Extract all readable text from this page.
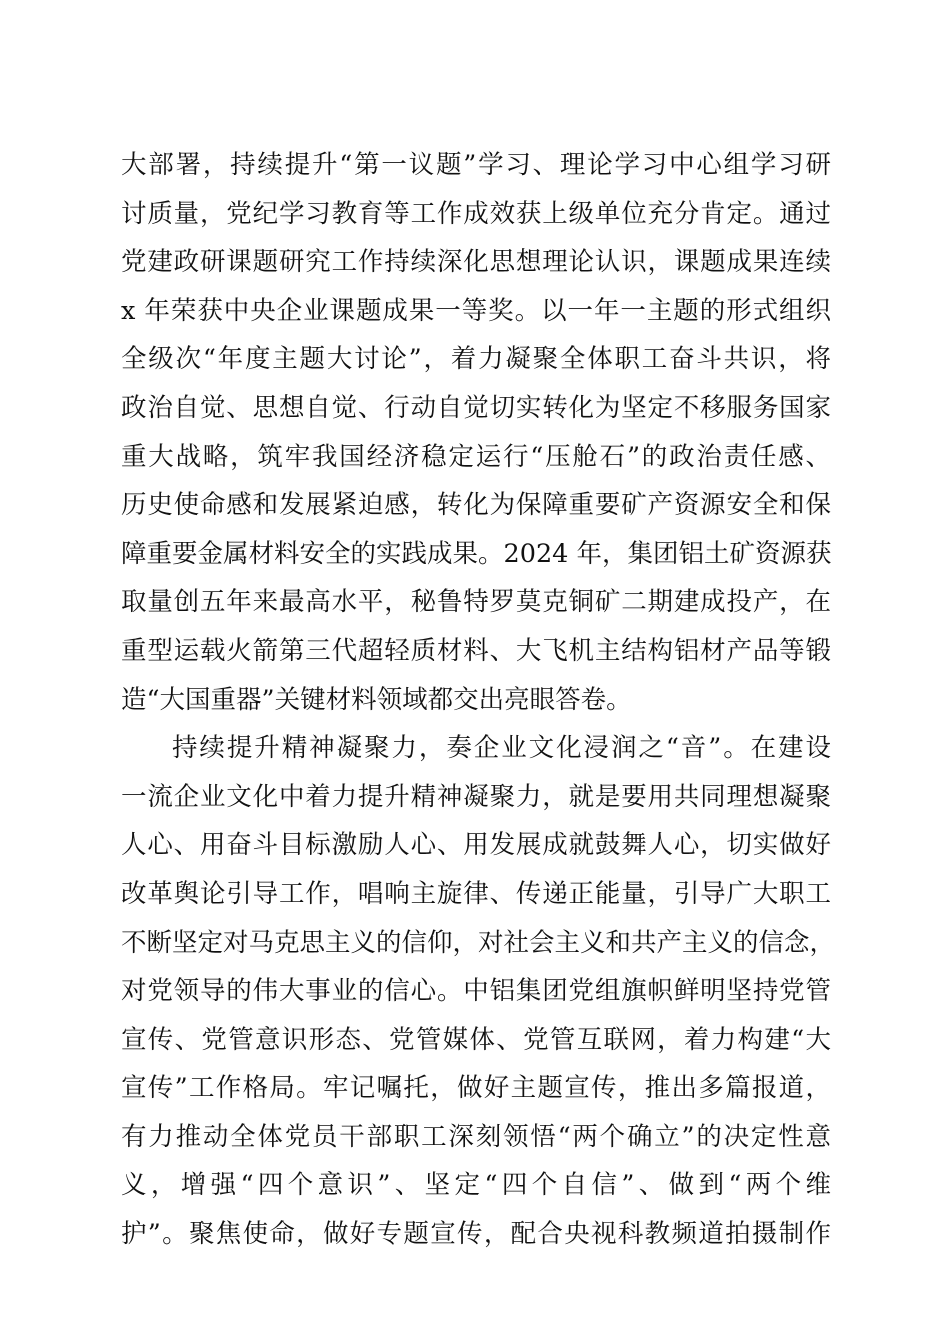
大部署，持续提升“第一议题”学习、理论学习中心组学习研
讨质量，党纪学习教育等工作成效获上级单位充分肯定。通过
党建政研课题研究工作持续深化思想理论认识，课题成果连续
x 年荣获中央企业课题成果一等奖。以一年一主题的形式组织
全级次“年度主题大讨论”，着力凝聚全体职工奋斗共识，将
政治自觉、思想自觉、行动自觉切实转化为坚定不移服务国家
重大战略，筑牢我国经济稳定运行“压舱石”的政治责任感、
历史使命感和发展紧迫感，转化为保障重要矿产资源安全和保
障重要金属材料安全的实践成果。2024 年，集团铝土矿资源获
取量创五年来最高水平，秘鲁特罗莫克铜矿二期建成投产，在
重型运载火箭第三代超轻质材料、大飞机主结构铝材产品等锻
造“大国重器”关键材料领域都交出亮眼答卷。
持续提升精神凝聚力，奏企业文化浸润之“音”。在建设
一流企业文化中着力提升精神凝聚力，就是要用共同理想凝聚
人心、用奋斗目标激励人心、用发展成就鼓舞人心，切实做好
改革舆论引导工作，唱响主旋律、传递正能量，引导广大职工
不断坚定对马克思主义的信仰，对社会主义和共产主义的信念，
对党领导的伟大事业的信心。中铝集团党组旗帜鲜明坚持党管
宣传、党管意识形态、党管媒体、党管互联网，着力构建“大
宣传”工作格局。牢记嘱托，做好主题宣传，推出多篇报道，
有力推动全体党员干部职工深刻领悟“两个确立”的决定性意
义，增强“四个意识”、坚定“四个自信”、做到“两个维
护”。聚焦使命，做好专题宣传，配合央视科教频道拍摄制作
